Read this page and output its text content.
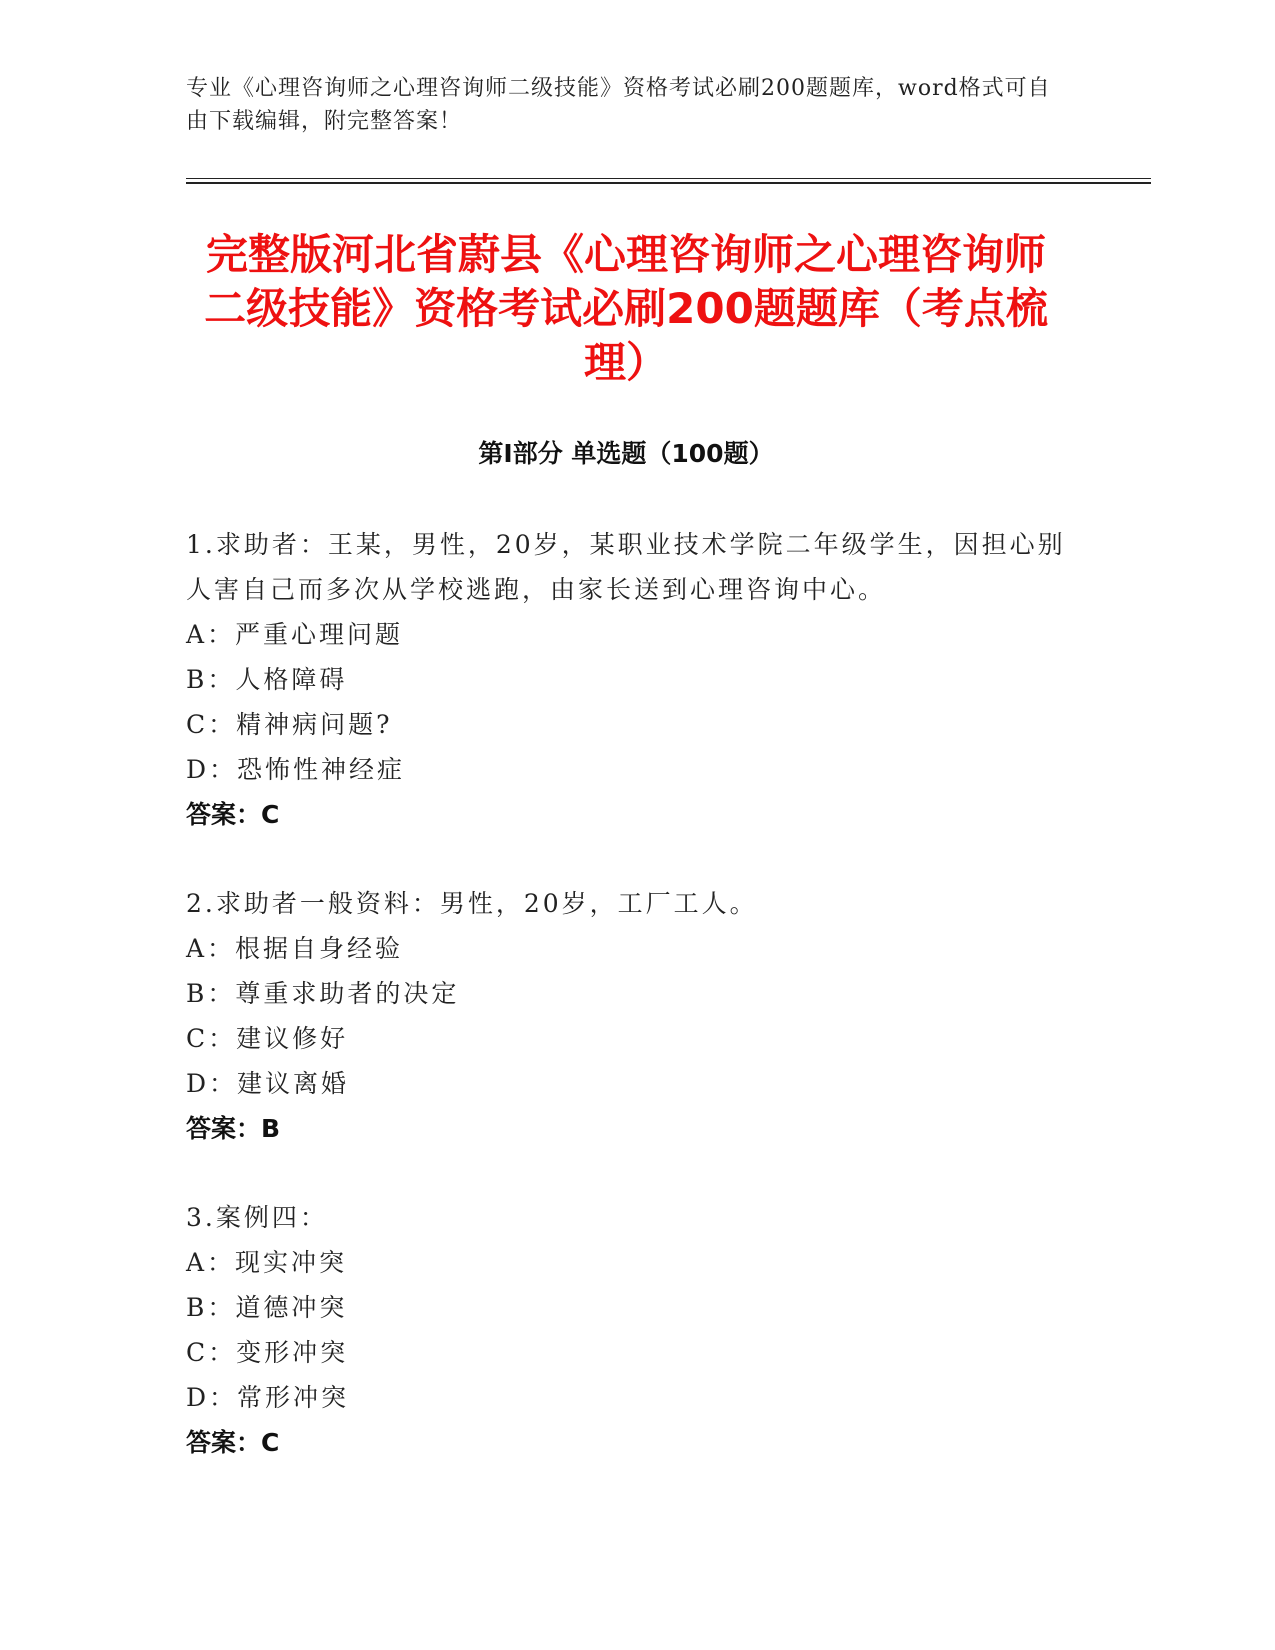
专业《心理咨询师之心理咨询师二级技能》资格考试必刷200题题库，word格式可自由下载编辑，附完整答案！
完整版河北省蔚县《心理咨询师之心理咨询师二级技能》资格考试必刷200题题库（考点梳理）
第Ⅰ部分 单选题（100题）
1.求助者：王某，男性，20岁，某职业技术学院二年级学生，因担心别人害自己而多次从学校逃跑，由家长送到心理咨询中心。
A：严重心理问题
B：人格障碍
C：精神病问题?
D：恐怖性神经症
答案：C
2.求助者一般资料：男性，20岁，工厂工人。
A：根据自身经验
B：尊重求助者的决定
C：建议修好
D：建议离婚
答案：B
3.案例四：
A：现实冲突
B：道德冲突
C：变形冲突
D：常形冲突
答案：C
